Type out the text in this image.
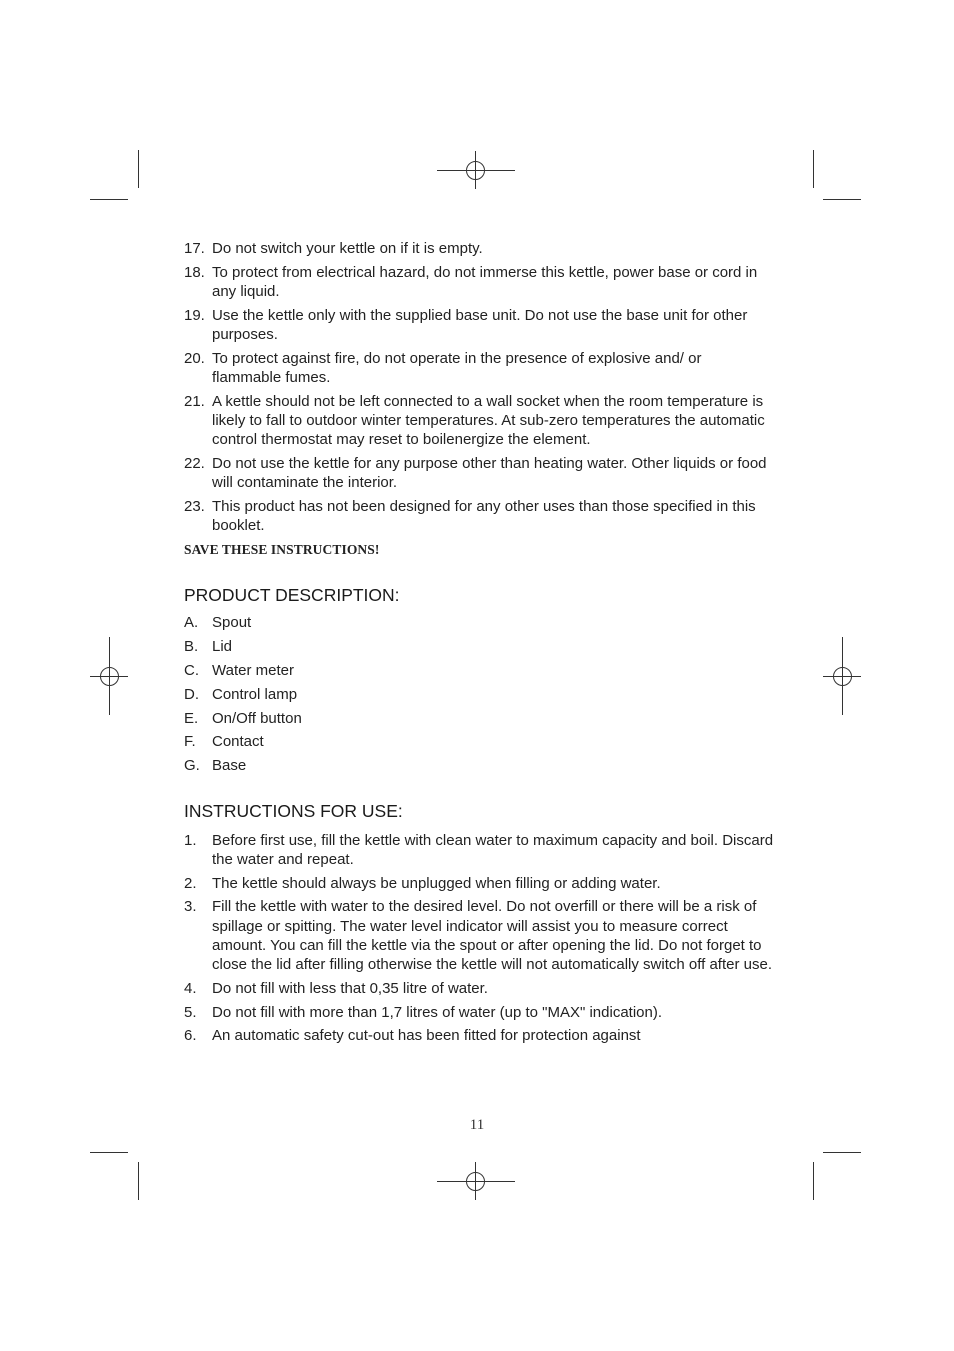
17. Do not switch your kettle on if it is empty.
18. To protect from electrical hazard, do not immerse this kettle, power base or cord in any liquid.
19. Use the kettle only with the supplied base unit. Do not use the base unit for other purposes.
20. To protect against fire, do not operate in the presence of explosive and/ or flammable fumes.
21. A kettle should not be left connected to a wall socket when the room temperature is likely to fall to outdoor winter temperatures. At sub-zero temperatures the automatic control thermostat may reset to boilenergize the element.
22. Do not use the kettle for any purpose other than heating water. Other liquids or food will contaminate the interior.
23. This product has not been designed for any other uses than those specified in this booklet.
SAVE THESE INSTRUCTIONS!
PRODUCT DESCRIPTION:
A. Spout
B. Lid
C. Water meter
D. Control lamp
E. On/Off button
F.	Contact
G. Base
INSTRUCTIONS FOR USE:
1.	Before first use, fill the kettle with clean water to maximum capacity and boil. Discard the water and repeat.
2.	The kettle should always be unplugged when filling or adding water.
3.	Fill the kettle with water to the desired level. Do not overfill or there will be a risk of spillage or spitting. The water level indicator will assist you to measure correct amount. You can fill the kettle via the spout or after opening the lid. Do not forget to close the lid after filling otherwise the kettle will not automatically switch off after use.
4.	Do not fill with less that 0,35 litre of water.
5.	Do not fill with more than 1,7 litres of water (up to "MAX" indication).
6.	An automatic safety cut-out has been fitted for protection against
11
